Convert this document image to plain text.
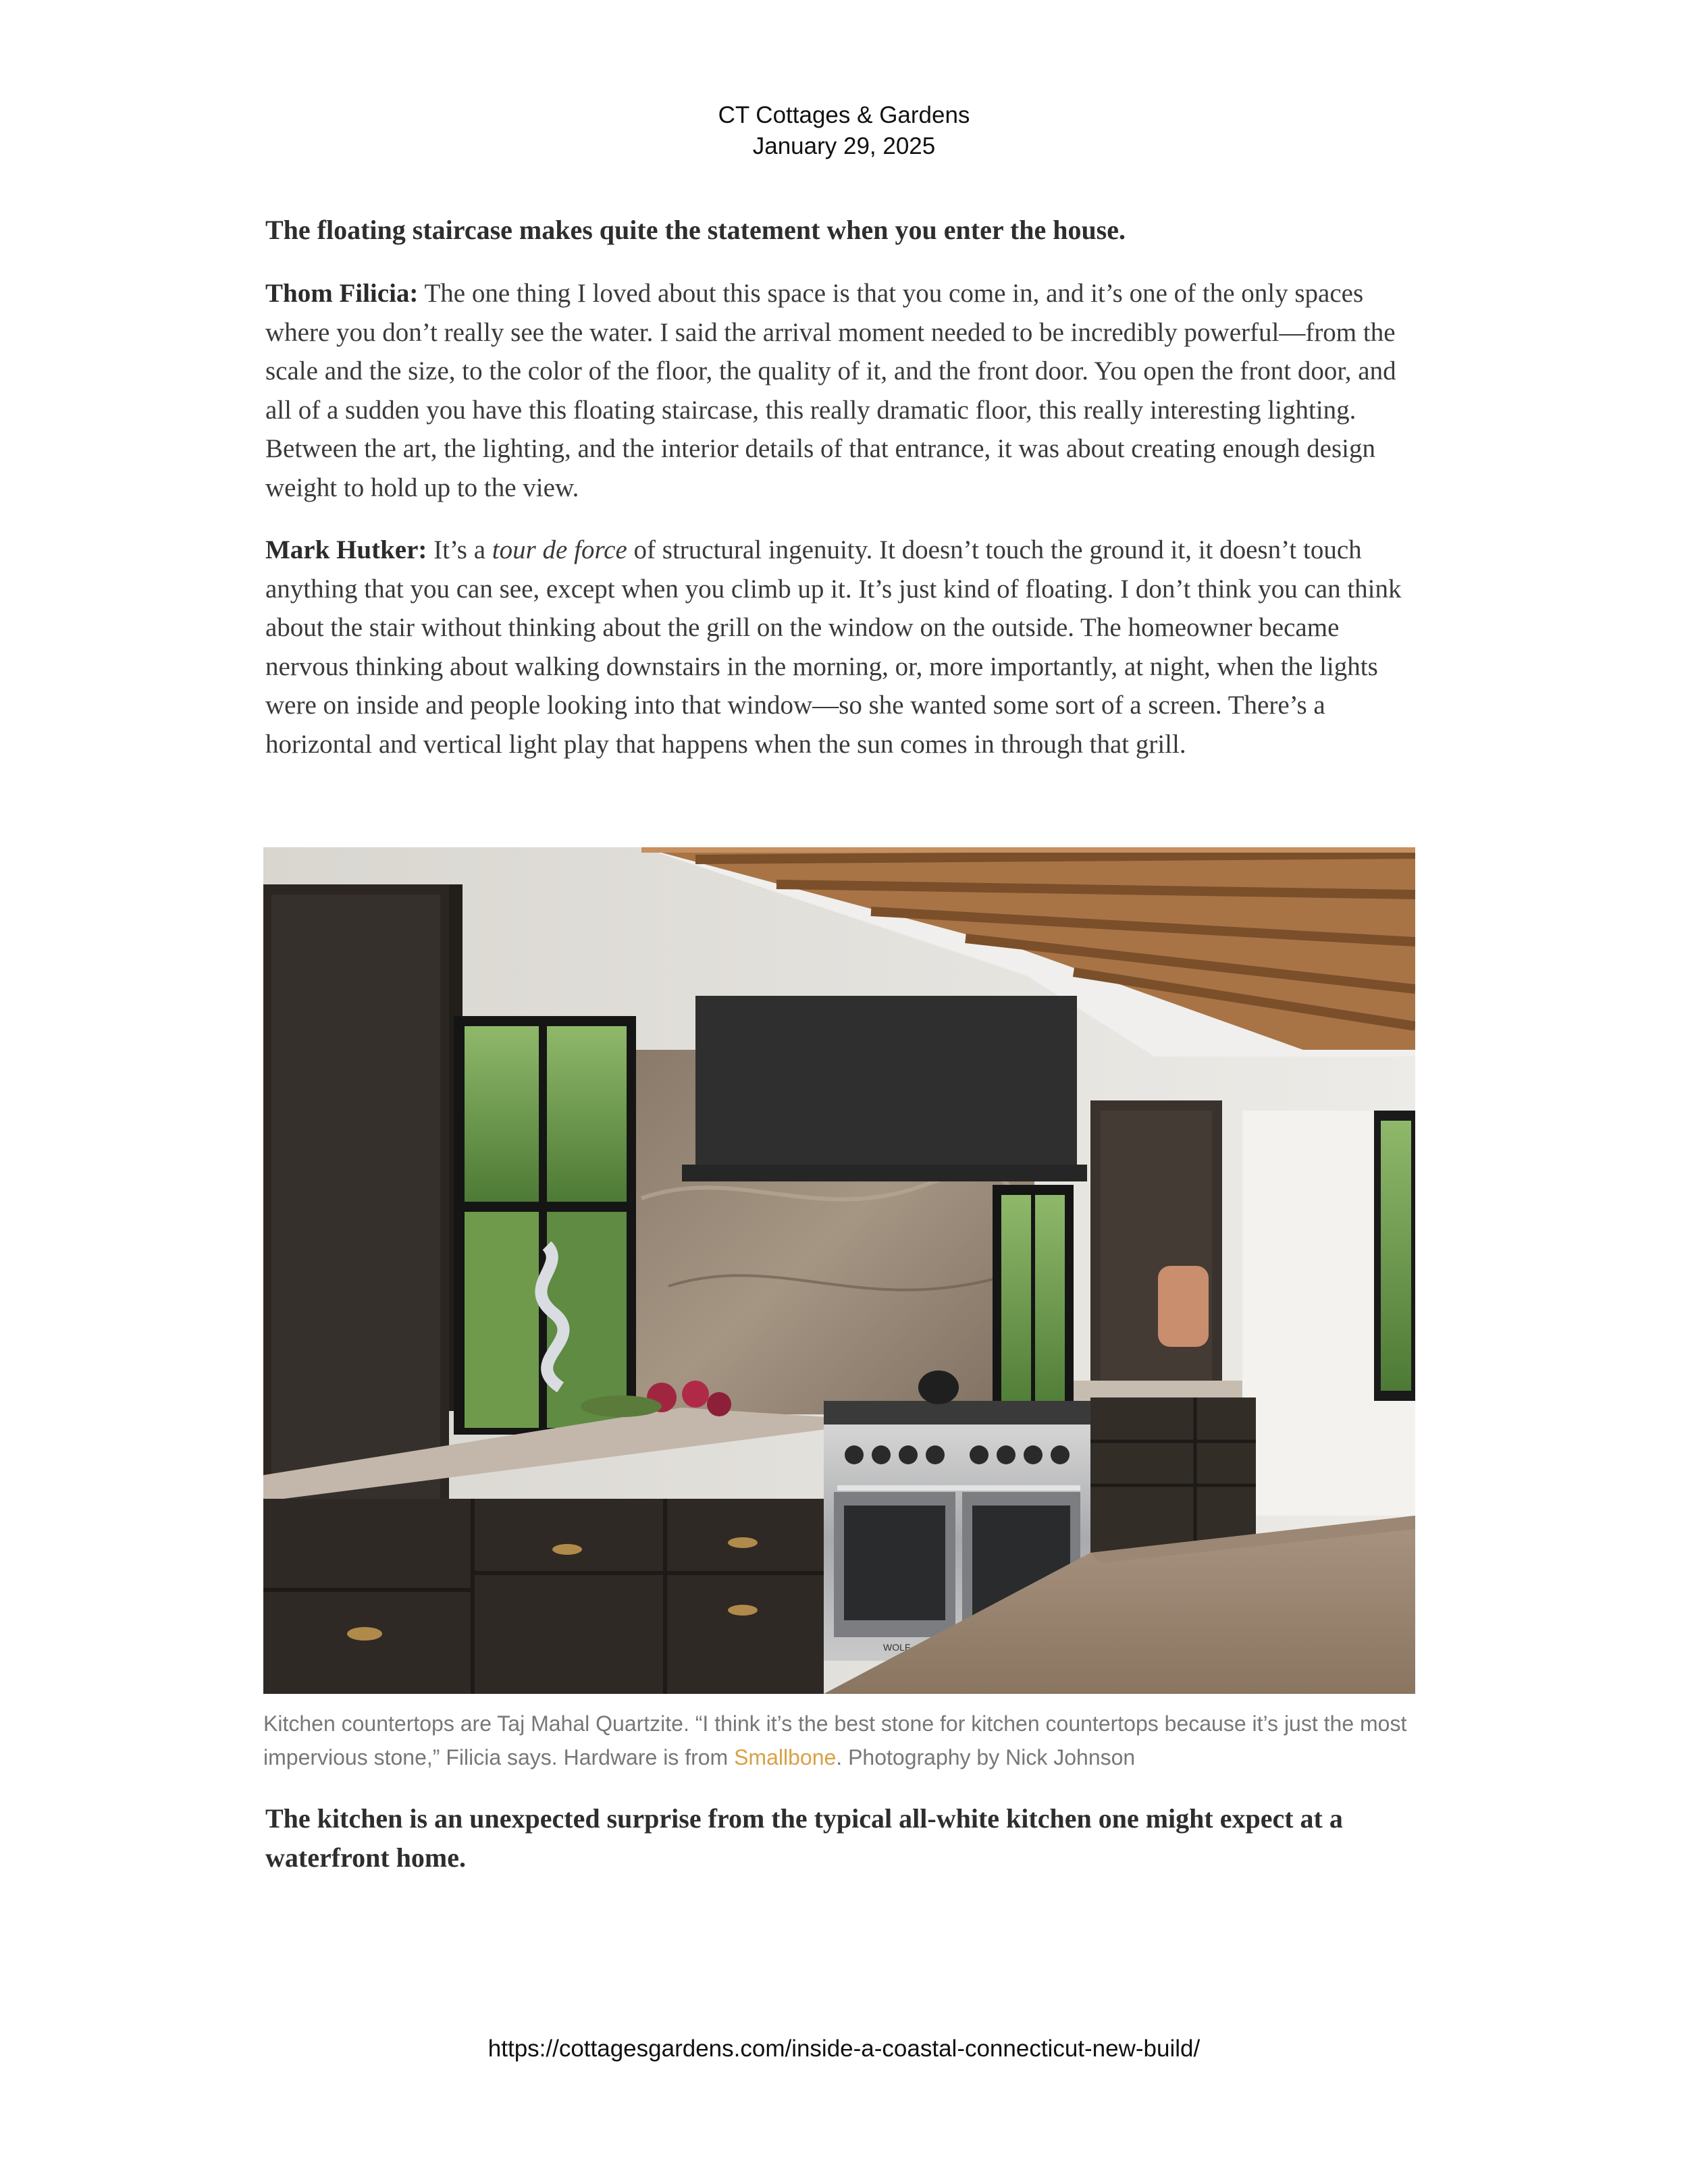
CT Cottages & Gardens
January 29, 2025

The floating staircase makes quite the statement when you enter the house.

Thom Filicia: The one thing I loved about this space is that you come in, and it’s one of the only spaces where you don’t really see the water. I said the arrival moment needed to be incredibly powerful—from the scale and the size, to the color of the floor, the quality of it, and the front door. You open the front door, and all of a sudden you have this floating staircase, this really dramatic floor, this really interesting lighting. Between the art, the lighting, and the interior details of that entrance, it was about creating enough design weight to hold up to the view.

Mark Hutker: It’s a tour de force of structural ingenuity. It doesn’t touch the ground it, it doesn’t touch anything that you can see, except when you climb up it. It’s just kind of floating. I don’t think you can think about the stair without thinking about the grill on the window on the outside. The homeowner became nervous thinking about walking downstairs in the morning, or, more importantly, at night, when the lights were on inside and people looking into that window—so she wanted some sort of a screen. There’s a horizontal and vertical light play that happens when the sun comes in through that grill.

The kitchen is an unexpected surprise from the typical all-white kitchen one might expect at a waterfront home.

WOLF

Kitchen countertops are Taj Mahal Quartzite. “I think it’s the best stone for kitchen countertops because it’s just the most impervious stone,” Filicia says. Hardware is from Smallbone. Photography by Nick Johnson

https://cottagesgardens.com/inside-a-coastal-connecticut-new-build/
